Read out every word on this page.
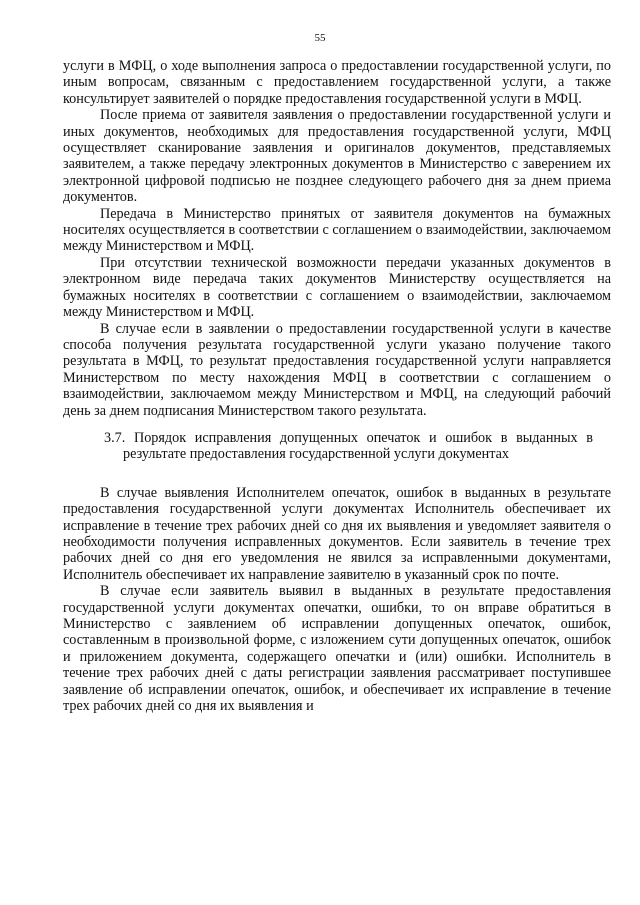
55

услуги в МФЦ, о ходе выполнения запроса о предоставлении государственной услуги, по иным вопросам, связанным с предоставлением государственной услуги, а также консультирует заявителей о порядке предоставления государственной услуги в МФЦ.

После приема от заявителя заявления о предоставлении государственной услуги и иных документов, необходимых для предоставления государственной услуги, МФЦ осуществляет сканирование заявления и оригиналов документов, представляемых заявителем, а также передачу электронных документов в Министерство с заверением их электронной цифровой подписью не позднее следующего рабочего дня за днем приема документов.

Передача в Министерство принятых от заявителя документов на бумажных носителях осуществляется в соответствии с соглашением о взаимодействии, заключаемом между Министерством и МФЦ.

При отсутствии технической возможности передачи указанных документов в электронном виде передача таких документов Министерству осуществляется на бумажных носителях в соответствии с соглашением о взаимодействии, заключаемом между Министерством и МФЦ.

В случае если в заявлении о предоставлении государственной услуги в качестве способа получения результата государственной услуги указано получение такого результата в МФЦ, то результат предоставления государственной услуги направляется Министерством по месту нахождения МФЦ в соответствии с соглашением о взаимодействии, заключаемом между Министерством и МФЦ, на следующий рабочий день за днем подписания Министерством такого результата.

3.7. Порядок исправления допущенных опечаток и ошибок в выданных в результате предоставления государственной услуги документах

В случае выявления Исполнителем опечаток, ошибок в выданных в результате предоставления государственной услуги документах Исполнитель обеспечивает их исправление в течение трех рабочих дней со дня их выявления и уведомляет заявителя о необходимости получения исправленных документов. Если заявитель в течение трех рабочих дней со дня его уведомления не явился за исправленными документами, Исполнитель обеспечивает их направление заявителю в указанный срок по почте.

В случае если заявитель выявил в выданных в результате предоставления государственной услуги документах опечатки, ошибки, то он вправе обратиться в Министерство с заявлением об исправлении допущенных опечаток, ошибок, составленным в произвольной форме, с изложением сути допущенных опечаток, ошибок и приложением документа, содержащего опечатки и (или) ошибки. Исполнитель в течение трех рабочих дней с даты регистрации заявления рассматривает поступившее заявление об исправлении опечаток, ошибок, и обеспечивает их исправление в течение трех рабочих дней со дня их выявления и
